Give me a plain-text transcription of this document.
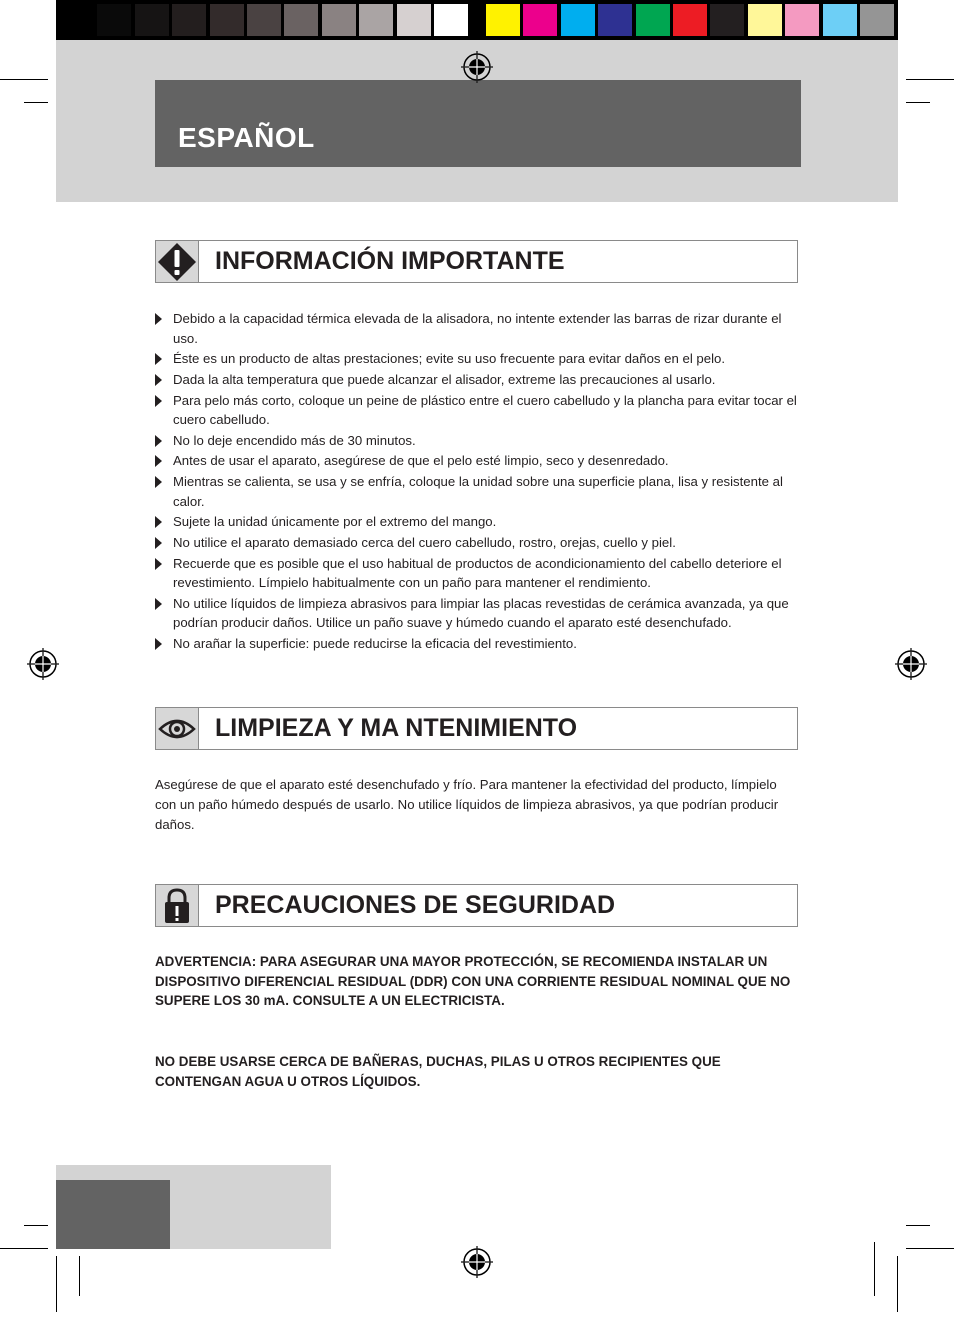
ESPAÑOL
INFORMACIÓN IMPORTANTE
Debido a la capacidad térmica elevada de la alisadora, no intente extender las barras de rizar durante el uso.
Éste es un producto de altas prestaciones; evite su uso frecuente para evitar daños en el pelo.
Dada la alta temperatura que puede alcanzar el alisador, extreme las precauciones al usarlo.
Para pelo más corto, coloque un peine de plástico entre el cuero cabelludo y la plancha para evitar tocar el cuero cabelludo.
No lo deje encendido más de 30 minutos.
Antes de usar el aparato, asegúrese de que el pelo esté limpio, seco y desenredado.
Mientras se calienta, se usa y se enfría, coloque la unidad sobre una superficie plana, lisa y resistente al calor.
Sujete la unidad únicamente por el extremo del mango.
No utilice el aparato demasiado cerca del cuero cabelludo, rostro, orejas, cuello y piel.
Recuerde que es posible que el uso habitual de productos de acondicionamiento del cabello deteriore el revestimiento. Límpielo habitualmente con un paño para mantener el rendimiento.
No utilice líquidos de limpieza abrasivos para limpiar las placas revestidas de cerámica avanzada, ya que podrían producir daños. Utilice un paño suave y húmedo cuando el aparato esté desenchufado.
No arañar la superficie: puede reducirse la eficacia del revestimiento.
LIMPIEZA Y MA NTENIMIENTO

Asegúrese de que el aparato esté desenchufado y frío. Para mantener la efectividad del producto, límpielo con un paño húmedo después de usarlo. No utilice líquidos de limpieza abrasivos, ya que podrían producir daños.

PRECAUCIONES DE SEGURIDAD

ADVERTENCIA: PARA ASEGURAR UNA MAYOR PROTECCIÓN, SE RECOMIENDA INSTALAR UN DISPOSITIVO DIFERENCIAL RESIDUAL (DDR) CON UNA CORRIENTE RESIDUAL NOMINAL QUE NO SUPERE LOS 30 mA. CONSULTE A UN ELECTRICISTA.

NO DEBE USARSE CERCA DE BAÑERAS, DUCHAS, PILAS U OTROS RECIPIENTES QUE CONTENGAN AGUA U OTROS LÍQUIDOS.
